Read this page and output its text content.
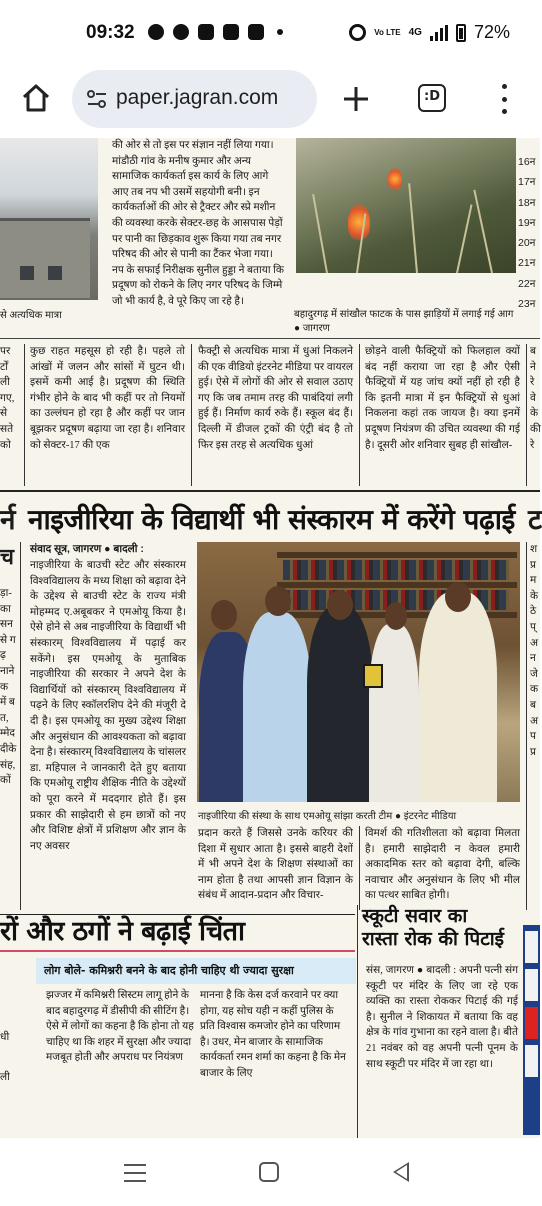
09:32	Vo LTE 4G	72%
paper.jagran.com	:D
से अत्यधिक मात्रा
की ओर से तो इस पर संज्ञान नहीं लिया गया। मांडौठी गांव के मनीष कुमार और अन्य सामाजिक कार्यकर्ता इस कार्य के लिए आगे आए तब नप भी उसमें सहयोगी बनी। इन कार्यकर्ताओं की ओर से ट्रैक्टर और स्प्रे मशीन की व्यवस्था करके सेक्टर-छह के आसपास पेड़ों पर पानी का छिड़काव शुरू किया गया तब नगर परिषद की ओर से पानी का टैंकर भेजा गया। नप के सफाई निरीक्षक सुनील हुड्डा ने बताया कि प्रदूषण को रोकने के लिए नगर परिषद के जिम्मे जो भी कार्य है, वे पूरे किए जा रहे है।
बहादुरगढ़ में सांखौल फाटक के पास झाड़ियों में लगाई गई आग ● जागरण
16न
17न
18न
19न
20न
21न
22न
23न
पर र्टों ली गए, से सते को
कुछ राहत महसूस हो रही है। पहले तो आंखों में जलन और सांसों में घुटन थी। इसमें कमी आई है। प्रदूषण की स्थिति गंभीर होने के बाद भी कहीं पर तो नियमों का उल्लंघन हो रहा है और कहीं पर जान बूझकर प्रदूषण बढ़ाया जा रहा है। शनिवार को सेक्टर-17 की एक
फैक्ट्री से अत्यधिक मात्रा में धुआं निकलने की एक वीडियो इंटरनेट मीडिया पर वायरल हुई। ऐसे में लोगों की ओर से सवाल उठाए गए कि जब तमाम तरह की पाबंदियां लगी हुई हैं। निर्माण कार्य रुके हैं। स्कूल बंद हैं। दिल्ली में डीजल ट्रकों की एंट्री बंद है तो फिर इस तरह से अत्यधिक धुआं
छोड़ने वाली फैक्ट्रियों को फिलहाल क्यों बंद नहीं कराया जा रहा है और ऐसी फैक्ट्रियों में यह जांच क्यों नहीं हो रही है कि इतनी मात्रा में इन फैक्ट्रियों से धुआं निकलना कहां तक जायज है। क्या इनमें प्रदूषण नियंत्रण की उचित व्यवस्था की गई है। दूसरी ओर शनिवार सुबह ही सांखौल-
ब ने रे वे के की रे
र्न
च
नाइजीरिया के विद्यार्थी भी संस्कारम में करेंगे पढ़ाई ट
ड़ा- का सन से गढ़ नाने क में बत, म्मेद दीके संह, कों
संवाद सूत्र, जागरण ● बादली :
नाइजीरिया के बाउची स्टेट और संस्कारम विश्वविद्यालय के मध्य शिक्षा को बढ़ावा देने के उद्देश्य से बाउची स्टेट के राज्य मंत्री मोहम्मद ए.अबूबकर ने एमओयू किया है। ऐसे होने से अब नाइजीरिया के विद्यार्थी भी संस्कारम् विश्वविद्यालय में पढ़ाई कर सकेंगे। इस एमओयू के मुताबिक नाइजीरिया की सरकार ने अपने देश के विद्यार्थियों को संस्कारम् विश्वविद्यालय में पढ़ने के लिए स्कॉलरशिप देने की मंजूरी दे दी है। इस एमओयू का मुख्य उद्देश्य शिक्षा और अनुसंधान की आवश्यकता को बढ़ावा देना है। संस्कारम् विश्वविद्यालय के चांसलर डा. महिपाल ने जानकारी देते हुए बताया कि एमओयू राष्ट्रीय शैक्षिक नीति के उद्देश्यों को पूरा करने में मददगार होते हैं। इस प्रकार की साझेदारी से हम छात्रों को नए और विशिष्ट क्षेत्रों में प्रशिक्षण और ज्ञान के नए अवसर
नाइजीरिया की संस्था के साथ एमओयू सांझा करती टीम ● इंटरनेट मीडिया
प्रदान करते हैं जिससे उनके करियर की दिशा में सुधार आता है। इससे बाहरी देशों में भी अपने देश के शिक्षण संस्थाओं का नाम होता है तथा आपसी ज्ञान विज्ञान के संबंध में आदान-प्रदान और विचार-
विमर्श की गतिशीलता को बढ़ावा मिलता है। हमारी साझेदारी न केवल हमारी अकादमिक स्तर को बढ़ावा देगी, बल्कि नवाचार और अनुसंधान के लिए भी मील का पत्थर साबित होगी।
श प्र म के ठे प् अ न जे क ब अ प प्र
रों और ठगों ने बढ़ाई चिंता
लोग बोले- कमिश्नरी बनने के बाद होनी चाहिए थी ज्यादा सुरक्षा
धी ली
झज्जर में कमिश्नरी सिस्टम लागू होने के बाद बहादुरगढ़ में डीसीपी की सीटिंग है। ऐसे में लोगों का कहना है कि होना तो यह चाहिए था कि शहर में सुरक्षा और ज्यादा मजबूत होती और अपराध पर नियंत्रण
मानना है कि केस दर्ज करवाने पर क्या होगा, यह सोच यही न कहीं पुलिस के प्रति विश्वास कमजोर होने का परिणाम है। उधर, मेन बाजार के सामाजिक कार्यकर्ता रमन शर्मा का कहना है कि मेन बाजार के लिए
स्कूटी सवार का
रास्ता रोक की पिटाई
संस, जागरण ● बादली : अपनी पत्नी संग स्कूटी पर मंदिर के लिए जा रहे एक व्यक्ति का रास्ता रोककर पिटाई की गई है। सुनील ने शिकायत में बताया कि वह क्षेत्र के गांव गुभाना का रहने वाला है। बीते 21 नवंबर को वह अपनी पत्नी पूनम के साथ स्कूटी पर मंदिर में जा रहा था।
